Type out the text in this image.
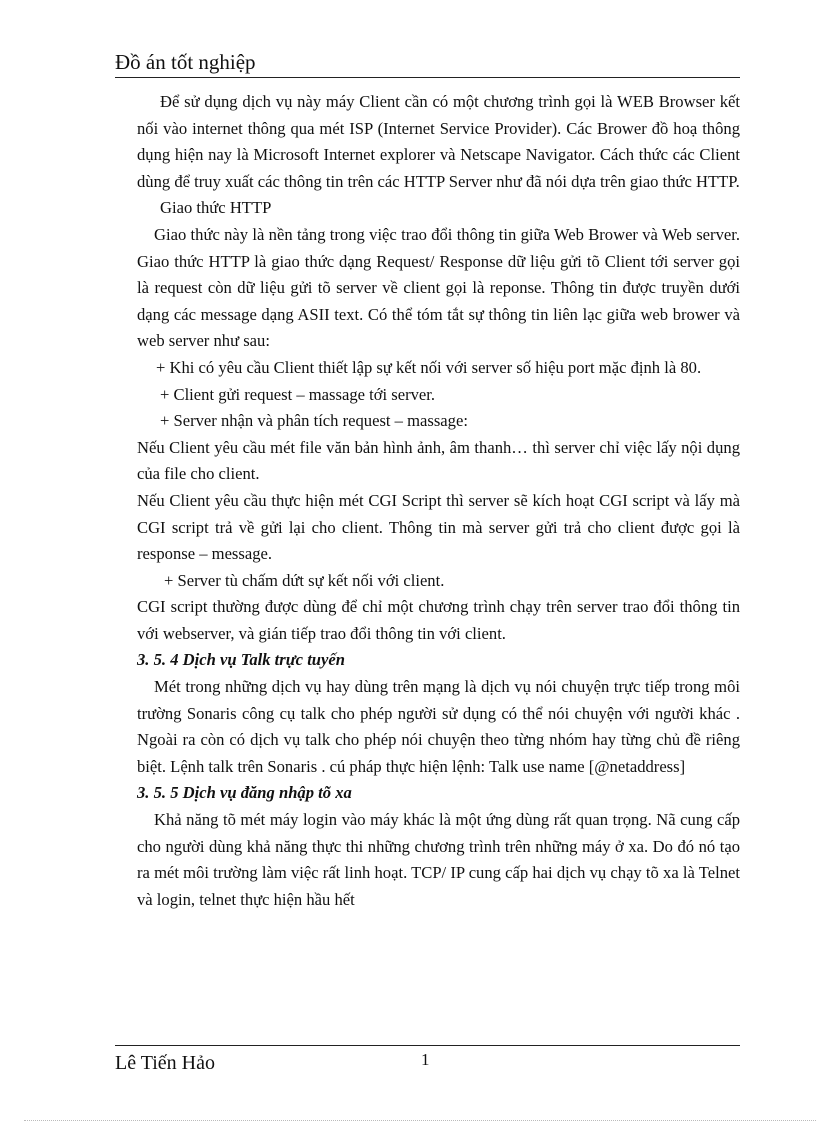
Đồ án tốt nghiệp

Để sử dụng dịch vụ này máy Client cần có một chương trình gọi là WEB Browser kết nối vào internet thông qua mét ISP (Internet Service Provider). Các Brower đồ hoạ thông dụng hiện nay là Microsoft Internet explorer và Netscape Navigator. Cách thức các Client dùng để truy xuất các thông tin trên các HTTP Server như đã nói dựa trên giao thức HTTP.

Giao thức HTTP

Giao thức này là nền tảng trong việc trao đổi thông tin giữa Web Brower và Web server. Giao thức HTTP là giao thức dạng Request/ Response dữ liệu gửi tõ Client tới server gọi là request còn dữ liệu gửi tõ server về client gọi là reponse. Thông tin được truyền dưới dạng các message dạng ASII text. Có thể tóm tắt sự thông tin liên lạc giữa web brower và web server như sau:

+ Khi có yêu cầu Client thiết lập sự kết nối với server số hiệu port mặc định là 80.

+ Client gửi request – massage tới server.

+ Server nhận và phân tích request – massage:

Nếu Client yêu cầu mét file văn bản hình ảnh, âm thanh… thì server chỉ việc lấy nội dụng của file cho client.

Nếu Client yêu cầu thực hiện mét CGI Script thì server sẽ kích hoạt CGI script và lấy mà CGI script trả về gửi lại cho client. Thông tin mà server gửi trả cho client được gọi là response – message.

+ Server tù chấm dứt sự kết nối với client.

CGI script thường được dùng để chỉ một chương trình chạy trên server trao đổi thông tin với webserver, và gián tiếp trao đổi thông tin với client.

3. 5. 4 Dịch vụ Talk trực tuyến

Mét trong những dịch vụ hay dùng trên mạng là dịch vụ nói chuyện trực tiếp trong môi trường Sonaris công cụ talk cho phép người sử dụng có thể nói chuyện với người khác . Ngoài ra còn có dịch vụ talk cho phép nói chuyện theo từng nhóm hay từng chủ đề riêng biệt. Lệnh talk trên Sonaris . cú pháp thực hiện lệnh: Talk use name [@netaddress]

3. 5. 5 Dịch vụ đăng nhập tõ xa

Khả năng tõ mét máy login vào máy khác là một ứng dùng rất quan trọng. Nã cung cấp cho người dùng khả năng thực thi những chương trình trên những máy ở xa. Do đó nó tạo ra mét môi trường làm việc rất linh hoạt. TCP/ IP cung cấp hai dịch vụ chạy tõ xa là Telnet và login, telnet thực hiện hầu hết

Lê Tiến Hảo	1
